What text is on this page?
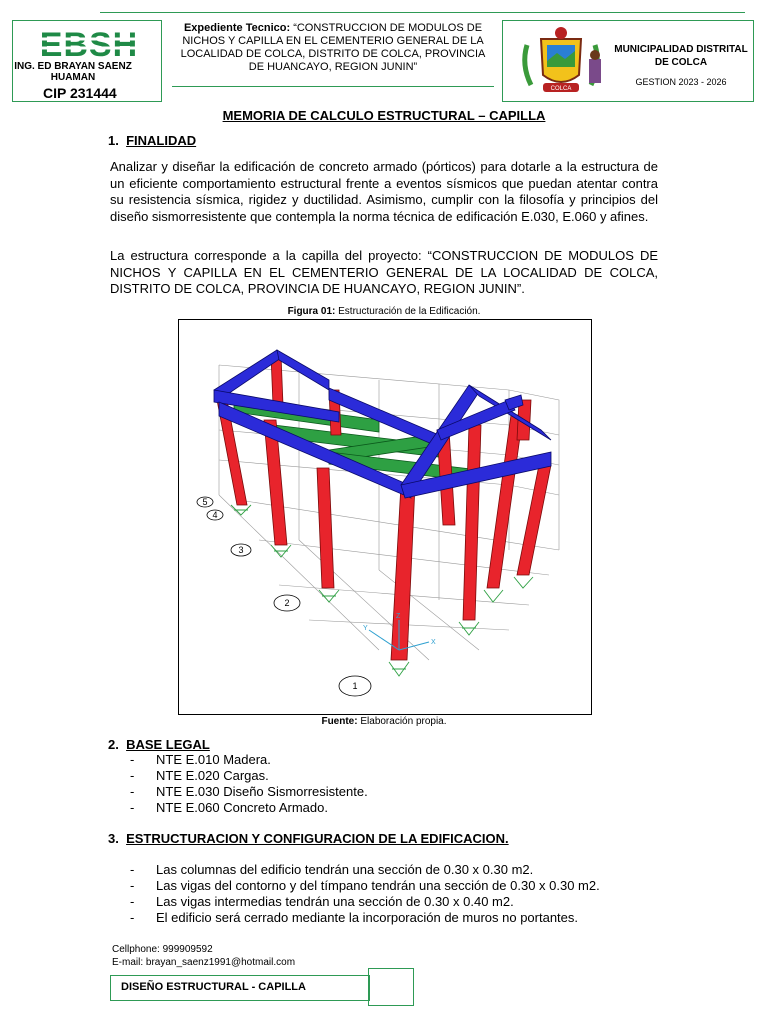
EBSH
ING. ED BRAYAN SAENZ HUAMAN
CIP 231444
Expediente Tecnico: “CONSTRUCCION DE MODULOS DE NICHOS Y CAPILLA EN EL CEMENTERIO GENERAL DE LA LOCALIDAD DE COLCA, DISTRITO DE COLCA, PROVINCIA DE HUANCAYO, REGION JUNIN”
COLCA
MUNICIPALIDAD DISTRITAL DE COLCA
GESTION 2023 - 2026
MEMORIA DE CALCULO ESTRUCTURAL – CAPILLA
1. FINALIDAD
Analizar y diseñar la edificación de concreto armado (pórticos) para dotarle a la estructura de un eficiente comportamiento estructural frente a eventos sísmicos que puedan atentar contra su resistencia sísmica, rigidez y ductilidad. Asimismo, cumplir con la filosofía y principios del diseño sismorresistente que contempla la norma técnica de edificación E.030, E.060 y afines.
La estructura corresponde a la capilla del proyecto: “CONSTRUCCION DE MODULOS DE NICHOS Y CAPILLA EN EL CEMENTERIO GENERAL DE LA LOCALIDAD DE COLCA, DISTRITO DE COLCA, PROVINCIA DE HUANCAYO, REGION JUNIN”.
Figura 01: Estructuración de la Edificación.
5
4
3
2
1
Z
Y
X
Fuente: Elaboración propia.
2. BASE LEGAL
-	NTE E.010 Madera.
-	NTE E.020 Cargas.
-	NTE E.030 Diseño Sismorresistente.
-	NTE E.060 Concreto Armado.
3. ESTRUCTURACION Y CONFIGURACION DE LA EDIFICACION.
-	Las columnas del edificio tendrán una sección de 0.30 x 0.30 m2.
-	Las vigas del contorno y del tímpano tendrán una sección de 0.30 x 0.30 m2.
-	Las vigas intermedias tendrán una sección de 0.30 x 0.40 m2.
-	El edificio será cerrado mediante la incorporación de muros no portantes.
Cellphone: 999909592
E-mail: brayan_saenz1991@hotmail.com
DISEÑO ESTRUCTURAL - CAPILLA
